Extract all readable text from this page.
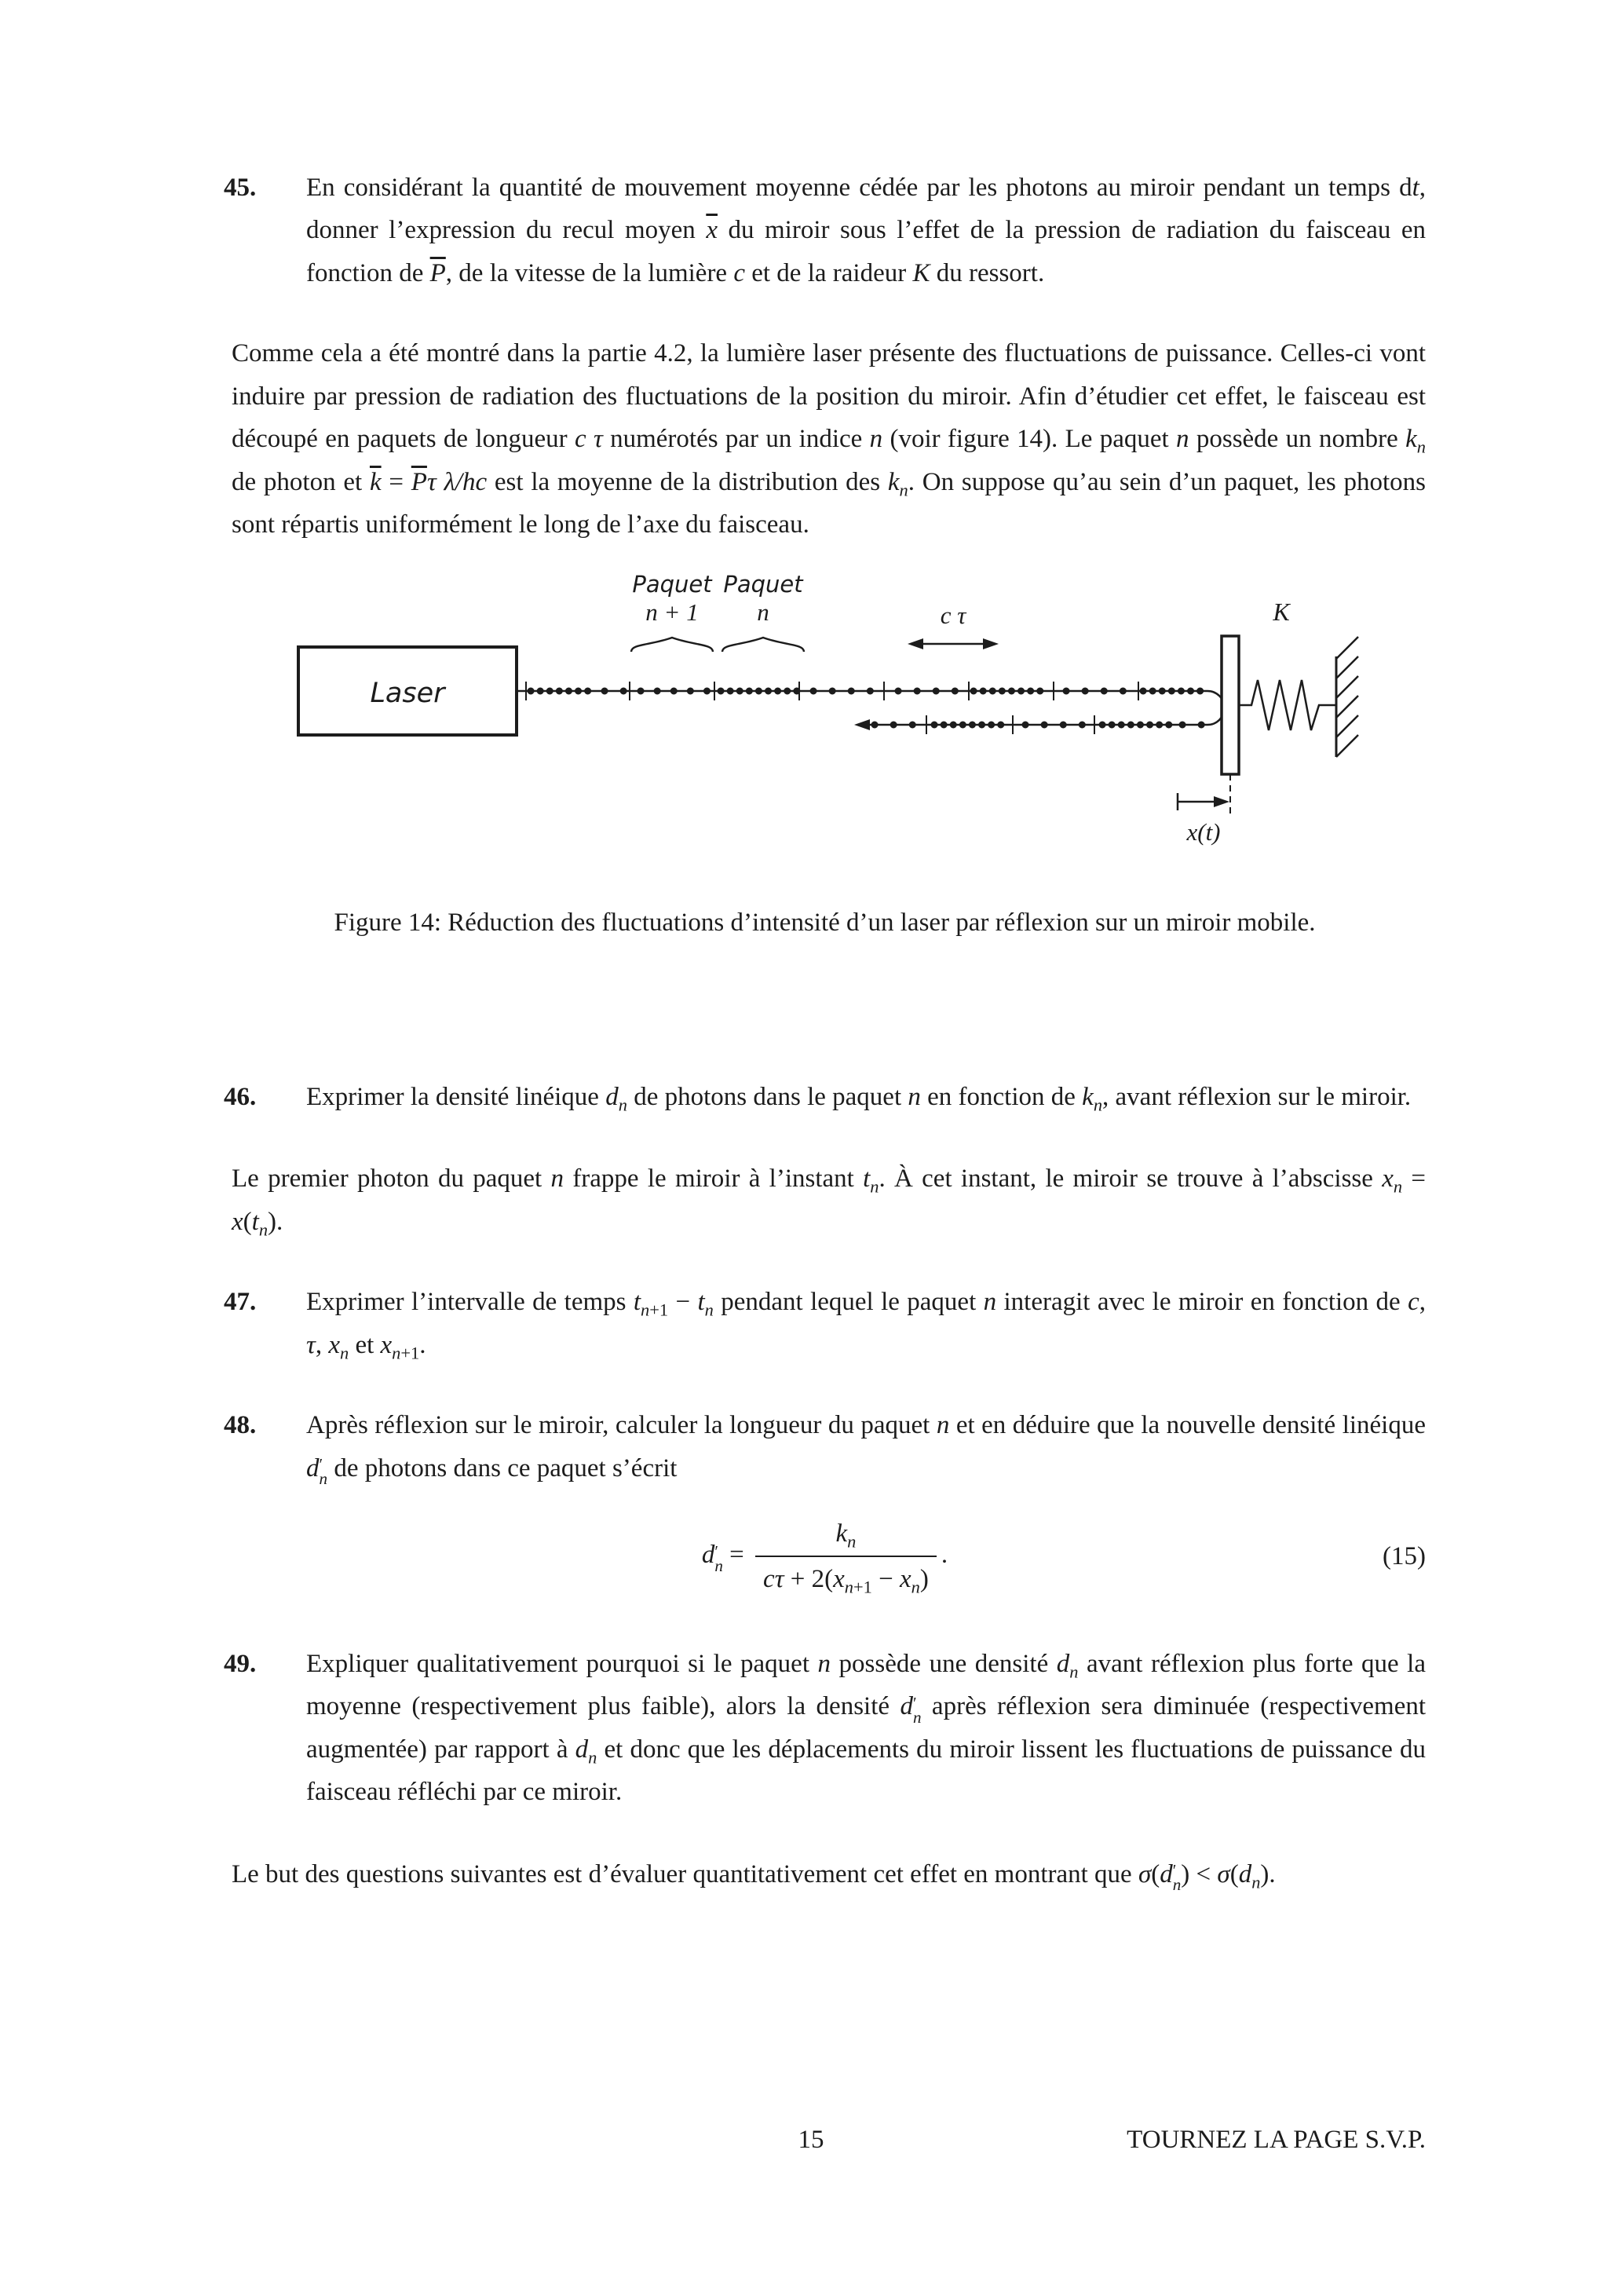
45.	En considérant la quantité de mouvement moyenne cédée par les photons au miroir pendant un temps dt, donner l’expression du recul moyen $\overline{x}$ du miroir sous l’effet de la pression de radiation du faisceau en fonction de $\overline{P}$, de la vitesse de la lumière c et de la raideur K du ressort.

Comme cela a été montré dans la partie 4.2, la lumière laser présente des fluctuations de puissance. Celles-ci vont induire par pression de radiation des fluctuations de la position du miroir. Afin d’étudier cet effet, le faisceau est découpé en paquets de longueur c τ numérotés par un indice n (voir figure 14). Le paquet n possède un nombre $k_n$ de photon et $\overline{k} = \overline{P}\tau$ λ/hc est la moyenne de la distribution des $k_n$. On suppose qu’au sein d’un paquet, les photons sont répartis uniformément le long de l’axe du faisceau.

Laser
Paquet
n + 1
Paquet
n	c τ	K
x(t)
Figure 14: Réduction des fluctuations d’intensité d’un laser par réflexion sur un miroir mobile.
46.	Exprimer la densité linéique $d_n$ de photons dans le paquet n en fonction de $k_n$, avant réflexion sur le miroir.

Le premier photon du paquet n frappe le miroir à l’instant $t_n$. À cet instant, le miroir se trouve à l’abscisse $x_n = x(t_n)$.

47.	Exprimer l’intervalle de temps $t_{n+1} - t_n$ pendant lequel le paquet n interagit avec le miroir en fonction de c, τ, $x_n$ et $x_{n+1}$.
48.	Après réflexion sur le miroir, calculer la longueur du paquet n et en déduire que la nouvelle densité linéique d ′
n de photons dans ce paquet s’écrit
d ′
$n = \frac{k_n}{c\tau + 2(x_{n+1} - x_n)}$ .	(15)
49.	Expliquer qualitativement pourquoi si le paquet n possède une densité $d_n$ avant réflexion plus forte que la moyenne (respectivement plus faible), alors la densité d ′
n après réflexion sera diminuée (respectivement augmentée) par rapport à $d_n$ et donc que les déplacements du miroir lissent les fluctuations de puissance du faisceau réfléchi par ce miroir.

Le but des questions suivantes est d’évaluer quantitativement cet effet en montrant que σ(d ′
n ) < $\sigma(d_n)$.

15	TOURNEZ LA PAGE S.V.P.
